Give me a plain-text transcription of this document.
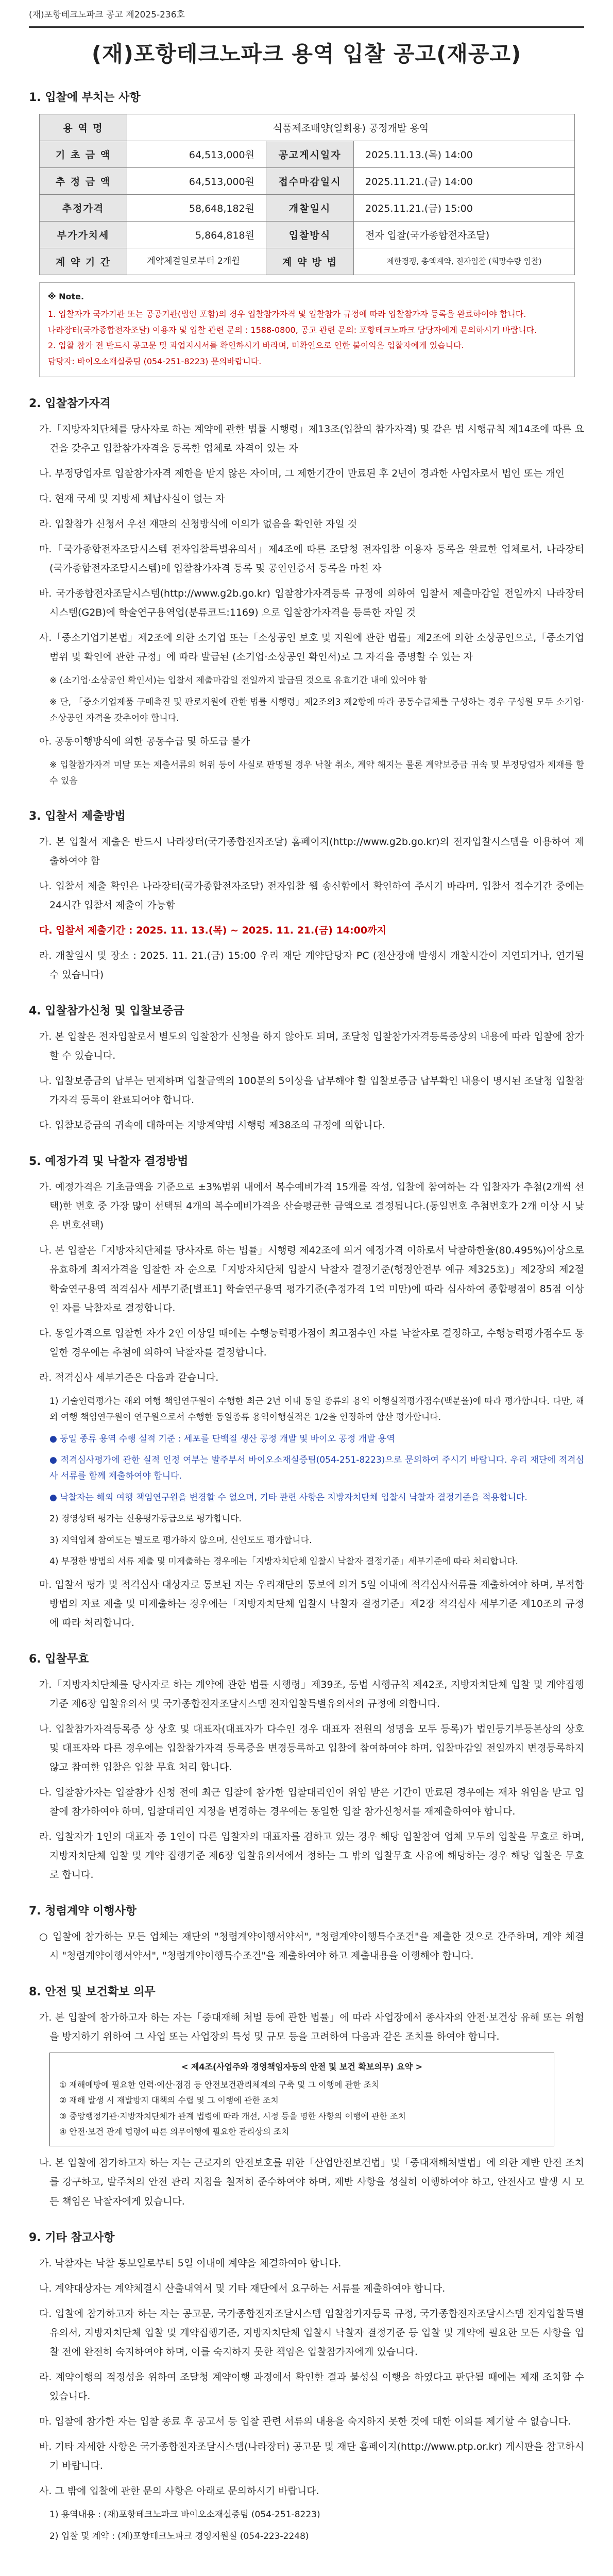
(재)포항테크노파크 공고 제2025-236호
(재)포항테크노파크 용역 입찰 공고(재공고)
1. 입찰에 부치는 사항
용 역 명	식품제조배양(일회용) 공정개발 용역		
기 초 금 액	64,513,000원	공고게시일자	2025.11.13.(목) 14:00
추 정 금 액	64,513,000원	접수마감일시	2025.11.21.(금) 14:00
추정가격	58,648,182원	개찰일시	2025.11.21.(금) 15:00
부가가치세	5,864,818원	입찰방식	전자 입찰(국가종합전자조달)
계 약 기 간	계약체결일로부터 2개월	계 약 방 법	제한경쟁, 총액계약, 전자입찰 (희망수량 입찰)
※ Note.
1. 입찰자가 국가기관 또는 공공기관(법인 포함)의 경우 입찰참가자격 및 입찰참가 규정에 따라 입찰참가자 등록을 완료하여야 합니다.
나라장터(국가종합전자조달) 이용자 및 입찰 관련 문의 : 1588-0800, 공고 관련 문의: 포항테크노파크 담당자에게 문의하시기 바랍니다.
2. 입찰 참가 전 반드시 공고문 및 과업지시서를 확인하시기 바라며, 미확인으로 인한 불이익은 입찰자에게 있습니다.
담당자: 바이오소재실증팀 (054-251-8223) 문의바랍니다.
2. 입찰참가자격

가.「지방자치단체를 당사자로 하는 계약에 관한 법률 시행령」제13조(입찰의 참가자격) 및 같은 법 시행규칙 제14조에 따른 요건을 갖추고 입찰참가자격을 등록한 업체로 자격이 있는 자

나. 부정당업자로 입찰참가자격 제한을 받지 않은 자이며, 그 제한기간이 만료된 후 2년이 경과한 사업자로서 법인 또는 개인

다. 현재 국세 및 지방세 체납사실이 없는 자

라. 입찰참가 신청서 우선 재판의 신청방식에 이의가 없음을 확인한 자일 것

마.「국가종합전자조달시스템 전자입찰특별유의서」제4조에 따른 조달청 전자입찰 이용자 등록을 완료한 업체로서, 나라장터(국가종합전자조달시스템)에 입찰참가자격 등록 및 공인인증서 등록을 마친 자

바. 국가종합전자조달시스템(http://www.g2b.go.kr) 입찰참가자격등록 규정에 의하여 입찰서 제출마감일 전일까지 나라장터 시스템(G2B)에 학술연구용역업(분류코드:1169) 으로 입찰참가자격을 등록한 자일 것

사.「중소기업기본법」제2조에 의한 소기업 또는「소상공인 보호 및 지원에 관한 법률」제2조에 의한 소상공인으로,「중소기업 범위 및 확인에 관한 규정」에 따라 발급된 (소기업·소상공인 확인서)로 그 자격을 증명할 수 있는 자

※ (소기업·소상공인 확인서)는 입찰서 제출마감일 전일까지 발급된 것으로 유효기간 내에 있어야 함

※ 단, 「중소기업제품 구매촉진 및 판로지원에 관한 법률 시행령」제2조의3 제2항에 따라 공동수급체를 구성하는 경우 구성원 모두 소기업·소상공인 자격을 갖추어야 합니다.

아. 공동이행방식에 의한 공동수급 및 하도급 불가

※ 입찰참가자격 미달 또는 제출서류의 허위 등이 사실로 판명될 경우 낙찰 취소, 계약 해지는 물론 계약보증금 귀속 및 부정당업자 제재를 할 수 있음

3. 입찰서 제출방법

가. 본 입찰서 제출은 반드시 나라장터(국가종합전자조달) 홈페이지(http://www.g2b.go.kr)의 전자입찰시스템을 이용하여 제출하여야 함

나. 입찰서 제출 확인은 나라장터(국가종합전자조달) 전자입찰 웹 송신함에서 확인하여 주시기 바라며, 입찰서 접수기간 중에는 24시간 입찰서 제출이 가능함

다. 입찰서 제출기간 : 2025. 11. 13.(목) ~ 2025. 11. 21.(금) 14:00까지

라. 개찰일시 및 장소 : 2025. 11. 21.(금) 15:00 우리 재단 계약담당자 PC (전산장애 발생시 개찰시간이 지연되거나, 연기될 수 있습니다)

4. 입찰참가신청 및 입찰보증금

가. 본 입찰은 전자입찰로서 별도의 입찰참가 신청을 하지 않아도 되며, 조달청 입찰참가자격등록증상의 내용에 따라 입찰에 참가할 수 있습니다.

나. 입찰보증금의 납부는 면제하며 입찰금액의 100분의 5이상을 납부해야 할 입찰보증금 납부확인 내용이 명시된 조달청 입찰참가자격 등록이 완료되어야 합니다.

다. 입찰보증금의 귀속에 대하여는 지방계약법 시행령 제38조의 규정에 의합니다.

5. 예정가격 및 낙찰자 결정방법

가. 예정가격은 기초금액을 기준으로 ±3%범위 내에서 복수예비가격 15개를 작성, 입찰에 참여하는 각 입찰자가 추첨(2개씩 선택)한 번호 중 가장 많이 선택된 4개의 복수예비가격을 산술평균한 금액으로 결정됩니다.(동일번호 추첨번호가 2개 이상 시 낮은 번호선택)

나. 본 입찰은「지방자치단체를 당사자로 하는 법률」시행령 제42조에 의거 예정가격 이하로서 낙찰하한율(80.495%)이상으로 유효하게 최저가격을 입찰한 자 순으로「지방자치단체 입찰시 낙찰자 결정기준(행정안전부 예규 제325호)」제2장의 제2절 학술연구용역 적격심사 세부기준[별표1] 학술연구용역 평가기준(추정가격 1억 미만)에 따라 심사하여 종합평점이 85점 이상인 자를 낙찰자로 결정합니다.

다. 동일가격으로 입찰한 자가 2인 이상일 때에는 수행능력평가점이 최고점수인 자를 낙찰자로 결정하고, 수행능력평가점수도 동일한 경우에는 추첨에 의하여 낙찰자를 결정합니다.

라. 적격심사 세부기준은 다음과 같습니다.

1) 기술인력평가는 해외 여행 책임연구원이 수행한 최근 2년 이내 동일 종류의 용역 이행실적평가점수(백분율)에 따라 평가합니다. 다만, 해외 여행 책임연구원이 연구원으로서 수행한 동일종류 용역이행실적은 1/2을 인정하여 합산 평가합니다.

● 동일 종류 용역 수행 실적 기준 : 세포를 단백질 생산 공정 개발 및 바이오 공정 개발 용역

● 적격심사평가에 관한 실적 인정 여부는 발주부서 바이오소재실증팀(054-251-8223)으로 문의하여 주시기 바랍니다. 우리 재단에 적격심사 서류를 함께 제출하여야 합니다.

● 낙찰자는 해외 여행 책임연구원을 변경할 수 없으며, 기타 관련 사항은 지방자치단체 입찰시 낙찰자 결정기준을 적용합니다.

2) 경영상태 평가는 신용평가등급으로 평가합니다.

3) 지역업체 참여도는 별도로 평가하지 않으며, 신인도도 평가합니다.

4) 부정한 방법의 서류 제출 및 미제출하는 경우에는「지방자치단체 입찰시 낙찰자 결정기준」세부기준에 따라 처리합니다.

마. 입찰서 평가 및 적격심사 대상자로 통보된 자는 우리재단의 통보에 의거 5일 이내에 적격심사서류를 제출하여야 하며, 부적합 방법의 자료 제출 및 미제출하는 경우에는「지방자치단체 입찰시 낙찰자 결정기준」제2장 적격심사 세부기준 제10조의 규정에 따라 처리합니다.

6. 입찰무효

가.「지방자치단체를 당사자로 하는 계약에 관한 법률 시행령」제39조, 동법 시행규칙 제42조, 지방자치단체 입찰 및 계약집행기준 제6장 입찰유의서 및 국가종합전자조달시스템 전자입찰특별유의서의 규정에 의합니다.

나. 입찰참가자격등록증 상 상호 및 대표자(대표자가 다수인 경우 대표자 전원의 성명을 모두 등록)가 법인등기부등본상의 상호 및 대표자와 다른 경우에는 입찰참가자격 등록증을 변경등록하고 입찰에 참여하여야 하며, 입찰마감일 전일까지 변경등록하지 않고 참여한 입찰은 입찰 무효 처리 합니다.

다. 입찰참가자는 입찰참가 신청 전에 최근 입찰에 참가한 입찰대리인이 위임 받은 기간이 만료된 경우에는 재차 위임을 받고 입찰에 참가하여야 하며, 입찰대리인 지정을 변경하는 경우에는 동일한 입찰 참가신청서를 재제출하여야 합니다.

라. 입찰자가 1인의 대표자 중 1인이 다른 입찰자의 대표자를 겸하고 있는 경우 해당 입찰참여 업체 모두의 입찰을 무효로 하며, 지방자치단체 입찰 및 계약 집행기준 제6장 입찰유의서에서 정하는 그 밖의 입찰무효 사유에 해당하는 경우 해당 입찰은 무효로 합니다.

7. 청렴계약 이행사항

○ 입찰에 참가하는 모든 업체는 재단의 "청렴계약이행서약서", "청렴계약이행특수조건"을 제출한 것으로 간주하며, 계약 체결 시 "청렴계약이행서약서", "청렴계약이행특수조건"을 제출하여야 하고 제출내용을 이행해야 합니다.

8. 안전 및 보건확보 의무

가. 본 입찰에 참가하고자 하는 자는「중대재해 처벌 등에 관한 법률」에 따라 사업장에서 종사자의 안전·보건상 유해 또는 위험을 방지하기 위하여 그 사업 또는 사업장의 특성 및 규모 등을 고려하여 다음과 같은 조치를 하여야 합니다.

< 제4조(사업주와 경영책임자등의 안전 및 보건 확보의무) 요약 >
① 재해예방에 필요한 인력·예산·점검 등 안전보건관리체계의 구축 및 그 이행에 관한 조치
② 재해 발생 시 재발방지 대책의 수립 및 그 이행에 관한 조치
③ 중앙행정기관·지방자치단체가 관계 법령에 따라 개선, 시정 등을 명한 사항의 이행에 관한 조치
④ 안전·보건 관계 법령에 따른 의무이행에 필요한 관리상의 조치

나. 본 입찰에 참가하고자 하는 자는 근로자의 안전보호를 위한「산업안전보건법」및「중대재해처벌법」에 의한 제반 안전 조치를 강구하고, 발주처의 안전 관리 지침을 철저히 준수하여야 하며, 제반 사항을 성실히 이행하여야 하고, 안전사고 발생 시 모든 책임은 낙찰자에게 있습니다.

9. 기타 참고사항

가. 낙찰자는 낙찰 통보일로부터 5일 이내에 계약을 체결하여야 합니다.

나. 계약대상자는 계약체결시 산출내역서 및 기타 재단에서 요구하는 서류를 제출하여야 합니다.

다. 입찰에 참가하고자 하는 자는 공고문, 국가종합전자조달시스템 입찰참가자등록 규정, 국가종합전자조달시스템 전자입찰특별유의서, 지방자치단체 입찰 및 계약집행기준, 지방자치단체 입찰시 낙찰자 결정기준 등 입찰 및 계약에 필요한 모든 사항을 입찰 전에 완전히 숙지하여야 하며, 이를 숙지하지 못한 책임은 입찰참가자에게 있습니다.

라. 계약이행의 적정성을 위하여 조달청 계약이행 과정에서 확인한 결과 불성실 이행을 하였다고 판단될 때에는 제재 조치할 수 있습니다.

마. 입찰에 참가한 자는 입찰 종료 후 공고서 등 입찰 관련 서류의 내용을 숙지하지 못한 것에 대한 이의를 제기할 수 없습니다.

바. 기타 자세한 사항은 국가종합전자조달시스템(나라장터) 공고문 및 재단 홈페이지(http://www.ptp.or.kr) 게시판을 참고하시기 바랍니다.

사. 그 밖에 입찰에 관한 문의 사항은 아래로 문의하시기 바랍니다.

1) 용역내용 : (재)포항테크노파크 바이오소재실증팀 (054-251-8223)

2) 입찰 및 계약 : (재)포항테크노파크 경영지원실 (054-223-2248)
